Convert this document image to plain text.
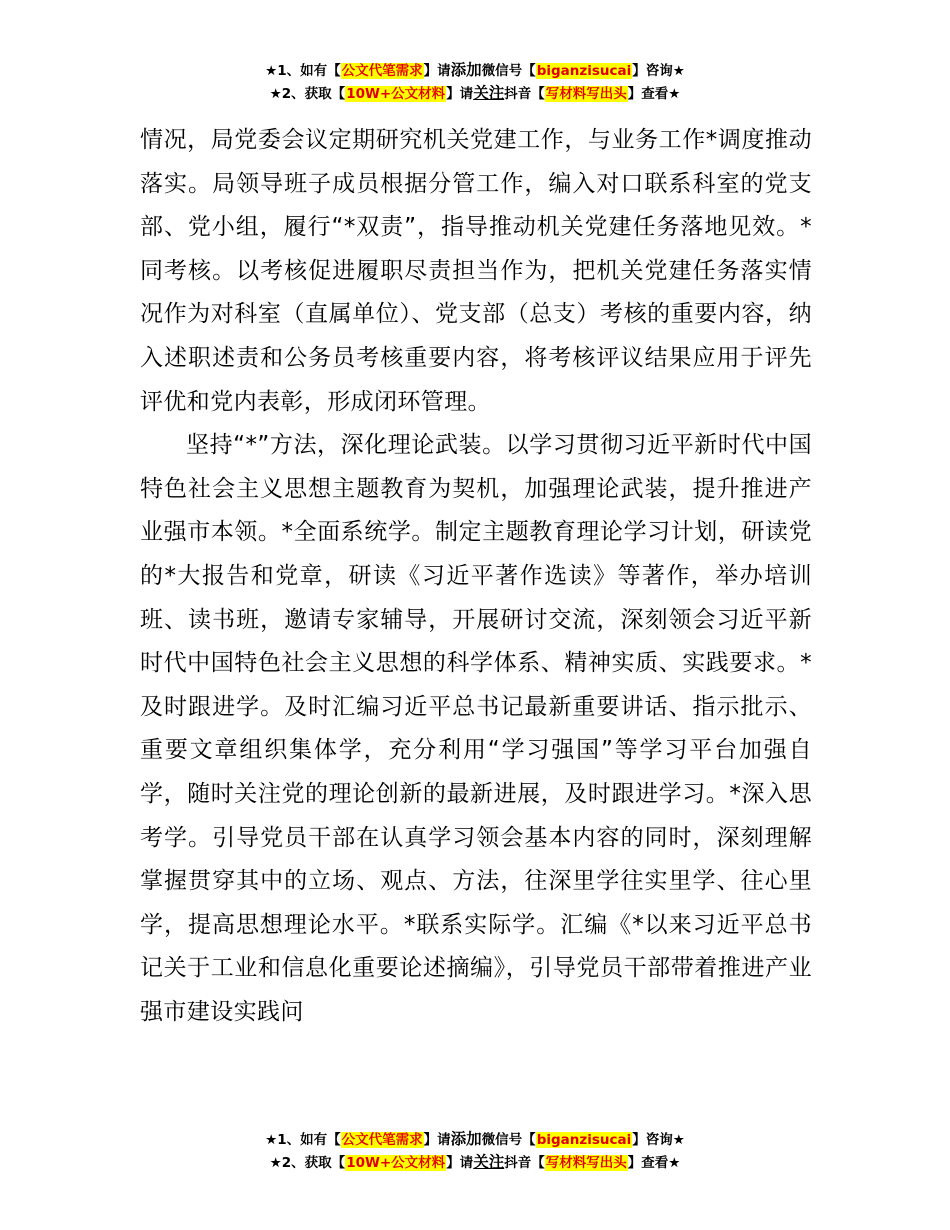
★1、如有【公文代笔需求】请添加微信号【biganzisucai】咨询★
★2、获取【10W+公文材料】请关注抖音【写材料写出头】查看★

情况，局党委会议定期研究机关党建工作，与业务工作*调度推动落实。局领导班子成员根据分管工作，编入对口联系科室的党支部、党小组，履行“*双责”，指导推动机关党建任务落地见效。*同考核。以考核促进履职尽责担当作为，把机关党建任务落实情况作为对科室（直属单位）、党支部（总支）考核的重要内容，纳入述职述责和公务员考核重要内容，将考核评议结果应用于评先评优和党内表彰，形成闭环管理。

坚持“*”方法，深化理论武装。以学习贯彻习近平新时代中国特色社会主义思想主题教育为契机，加强理论武装，提升推进产业强市本领。*全面系统学。制定主题教育理论学习计划，研读党的*大报告和党章，研读《习近平著作选读》等著作，举办培训班、读书班，邀请专家辅导，开展研讨交流，深刻领会习近平新时代中国特色社会主义思想的科学体系、精神实质、实践要求。*及时跟进学。及时汇编习近平总书记最新重要讲话、指示批示、重要文章组织集体学，充分利用“学习强国”等学习平台加强自学，随时关注党的理论创新的最新进展，及时跟进学习。*深入思考学。引导党员干部在认真学习领会基本内容的同时，深刻理解掌握贯穿其中的立场、观点、方法，往深里学往实里学、往心里学，提高思想理论水平。*联系实际学。汇编《*以来习近平总书记关于工业和信息化重要论述摘编》，引导党员干部带着推进产业强市建设实践问

★1、如有【公文代笔需求】请添加微信号【biganzisucai】咨询★
★2、获取【10W+公文材料】请关注抖音【写材料写出头】查看★
